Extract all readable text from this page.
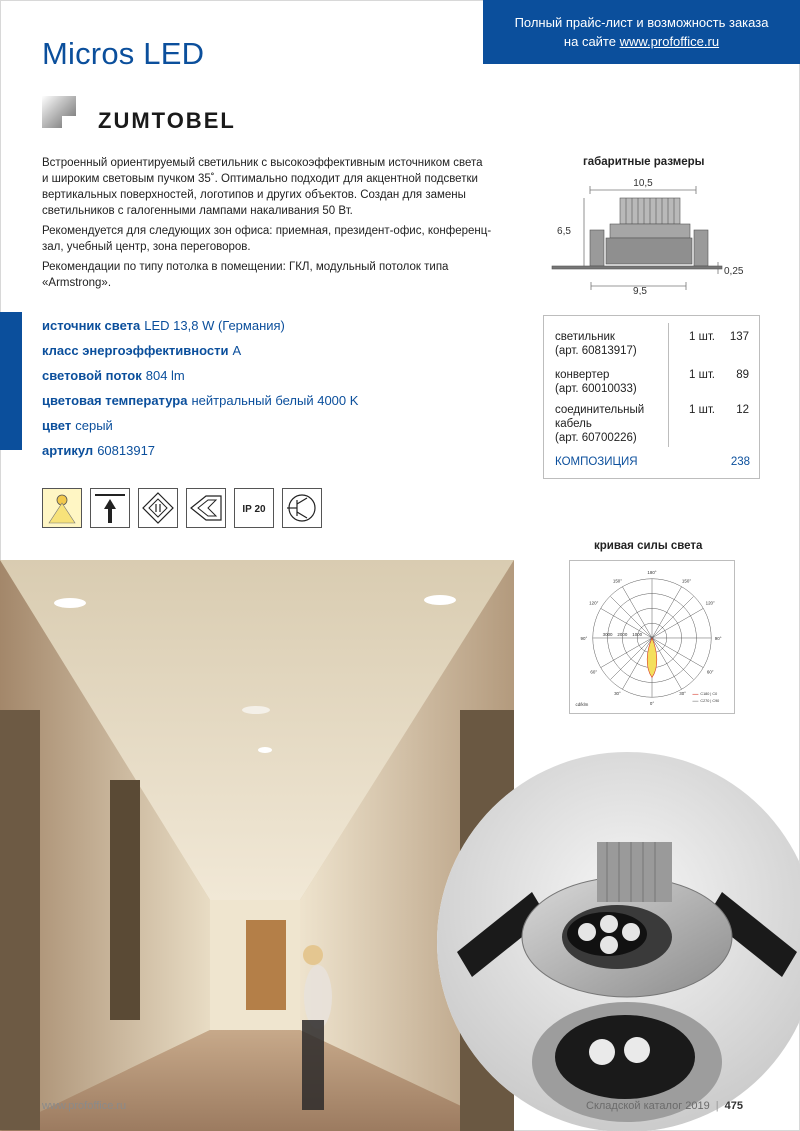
Полный прайс-лист и возможность заказа
на сайте www.profoffice.ru
Micros LED
ZUMTOBEL

Встроенный ориентируемый светильник с высокоэффективным источником света и широким световым пучком 35˚. Оптимально подходит для акцентной подсветки вертикальных поверхностей, логотипов и других объектов. Создан для замены светильников с галогенными лампами накаливания 50 Вт.

Рекомендуется для следующих зон офиса: приемная, президент-офис, конференц-зал, учебный центр, зона переговоров.

Рекомендации по типу потолка в помещении: ГКЛ, модульный потолок типа «Armstrong».

габаритные размеры
10,5
6,5
9,5
0,25
источник света LED 13,8 W (Германия)
класс энергоэффективности A
световой поток 804 lm
цветовая температура нейтральный белый 4000 K
цвет серый
артикул 60813917
светильник
(арт. 60813917)
1 шт. 137
конвертер
(арт. 60010033)
1 шт. 89
соединительный
кабель
(арт. 60700226)
1 шт. 12
КОМПОЗИЦИЯ	238
IP 20
кривая силы света
180°
150°	150°
120°	120°
90°	90°
60°	60°
30°	30°
0°
3000 2000 1000
cd/klm
C180 | C0
C270 | C90
www.profoffice.ru	Складской каталог 2019 | 475
